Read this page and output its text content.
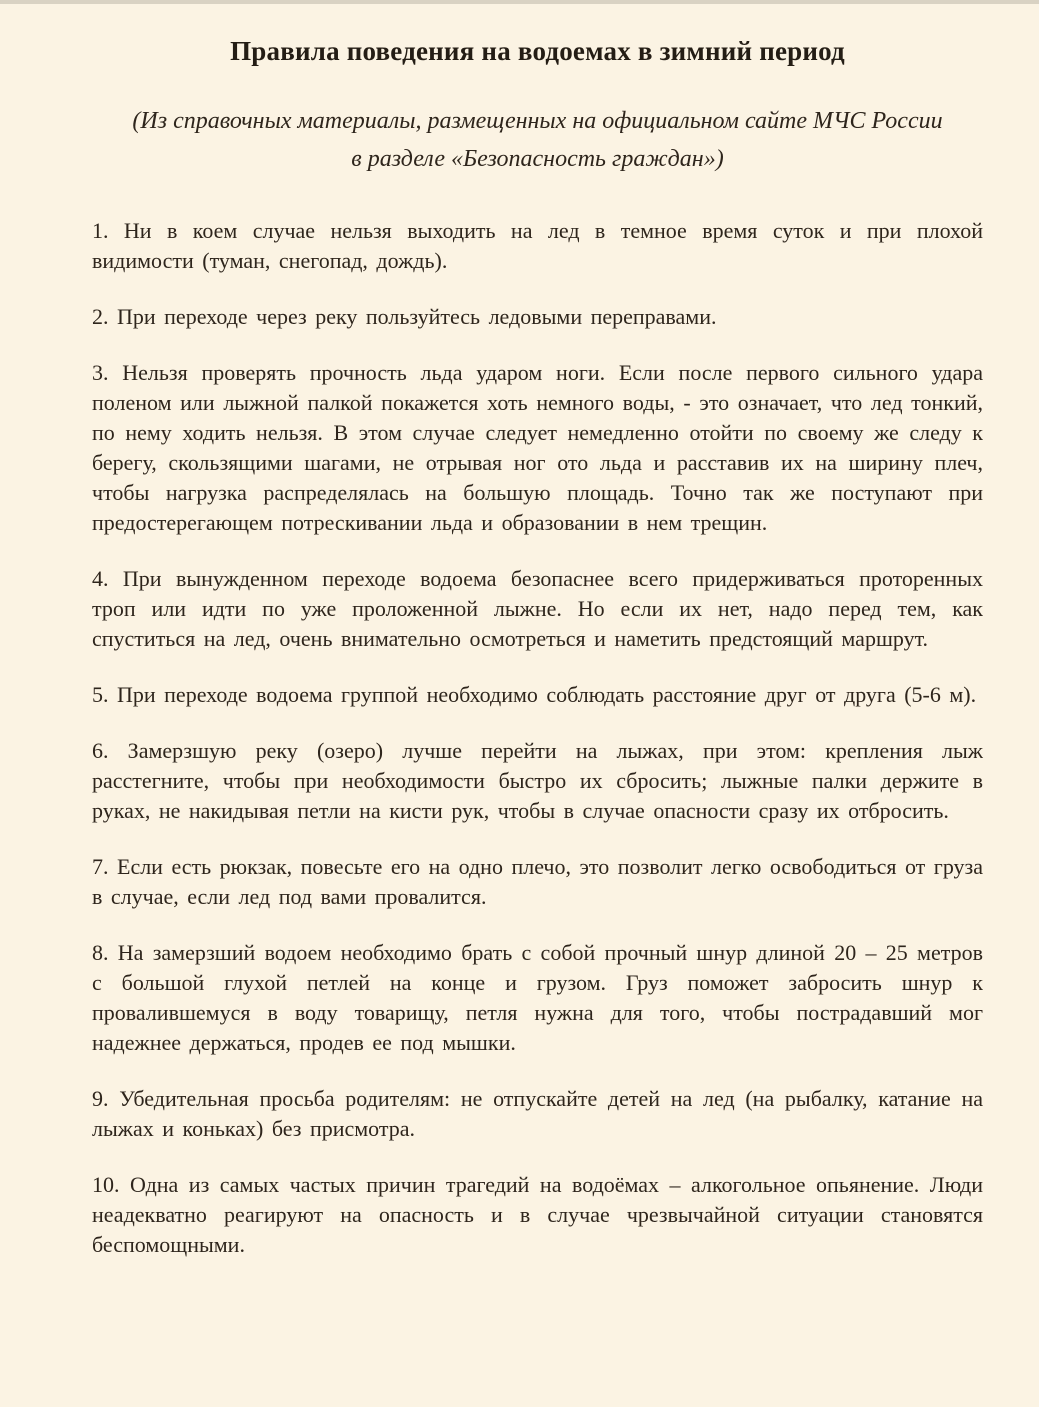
Правила поведения на водоемах в зимний период

(Из справочных материалы, размещенных на официальном сайте МЧС России в разделе «Безопасность граждан»)

1. Ни в коем случае нельзя выходить на лед в темное время суток и при плохой видимости (туман, снегопад, дождь).

2. При переходе через реку пользуйтесь ледовыми переправами.

3. Нельзя проверять прочность льда ударом ноги. Если после первого сильного удара поленом или лыжной палкой покажется хоть немного воды, - это означает, что лед тонкий, по нему ходить нельзя. В этом случае следует немедленно отойти по своему же следу к берегу, скользящими шагами, не отрывая ног ото льда и расставив их на ширину плеч, чтобы нагрузка распределялась на большую площадь. Точно так же поступают при предостерегающем потрескивании льда и образовании в нем трещин.

4. При вынужденном переходе водоема безопаснее всего придерживаться проторенных троп или идти по уже проложенной лыжне. Но если их нет, надо перед тем, как спуститься на лед, очень внимательно осмотреться и наметить предстоящий маршрут.

5. При переходе водоема группой необходимо соблюдать расстояние друг от друга (5-6 м).

6. Замерзшую реку (озеро) лучше перейти на лыжах, при этом: крепления лыж расстегните, чтобы при необходимости быстро их сбросить; лыжные палки держите в руках, не накидывая петли на кисти рук, чтобы в случае опасности сразу их отбросить.

7. Если есть рюкзак, повесьте его на одно плечо, это позволит легко освободиться от груза в случае, если лед под вами провалится.

8. На замерзший водоем необходимо брать с собой прочный шнур длиной 20 – 25 метров с большой глухой петлей на конце и грузом. Груз поможет забросить шнур к провалившемуся в воду товарищу, петля нужна для того, чтобы пострадавший мог надежнее держаться, продев ее под мышки.

9. Убедительная просьба родителям: не отпускайте детей на лед (на рыбалку, катание на лыжах и коньках) без присмотра.

10. Одна из самых частых причин трагедий на водоёмах – алкогольное опьянение. Люди неадекватно реагируют на опасность и в случае чрезвычайной ситуации становятся беспомощными.
